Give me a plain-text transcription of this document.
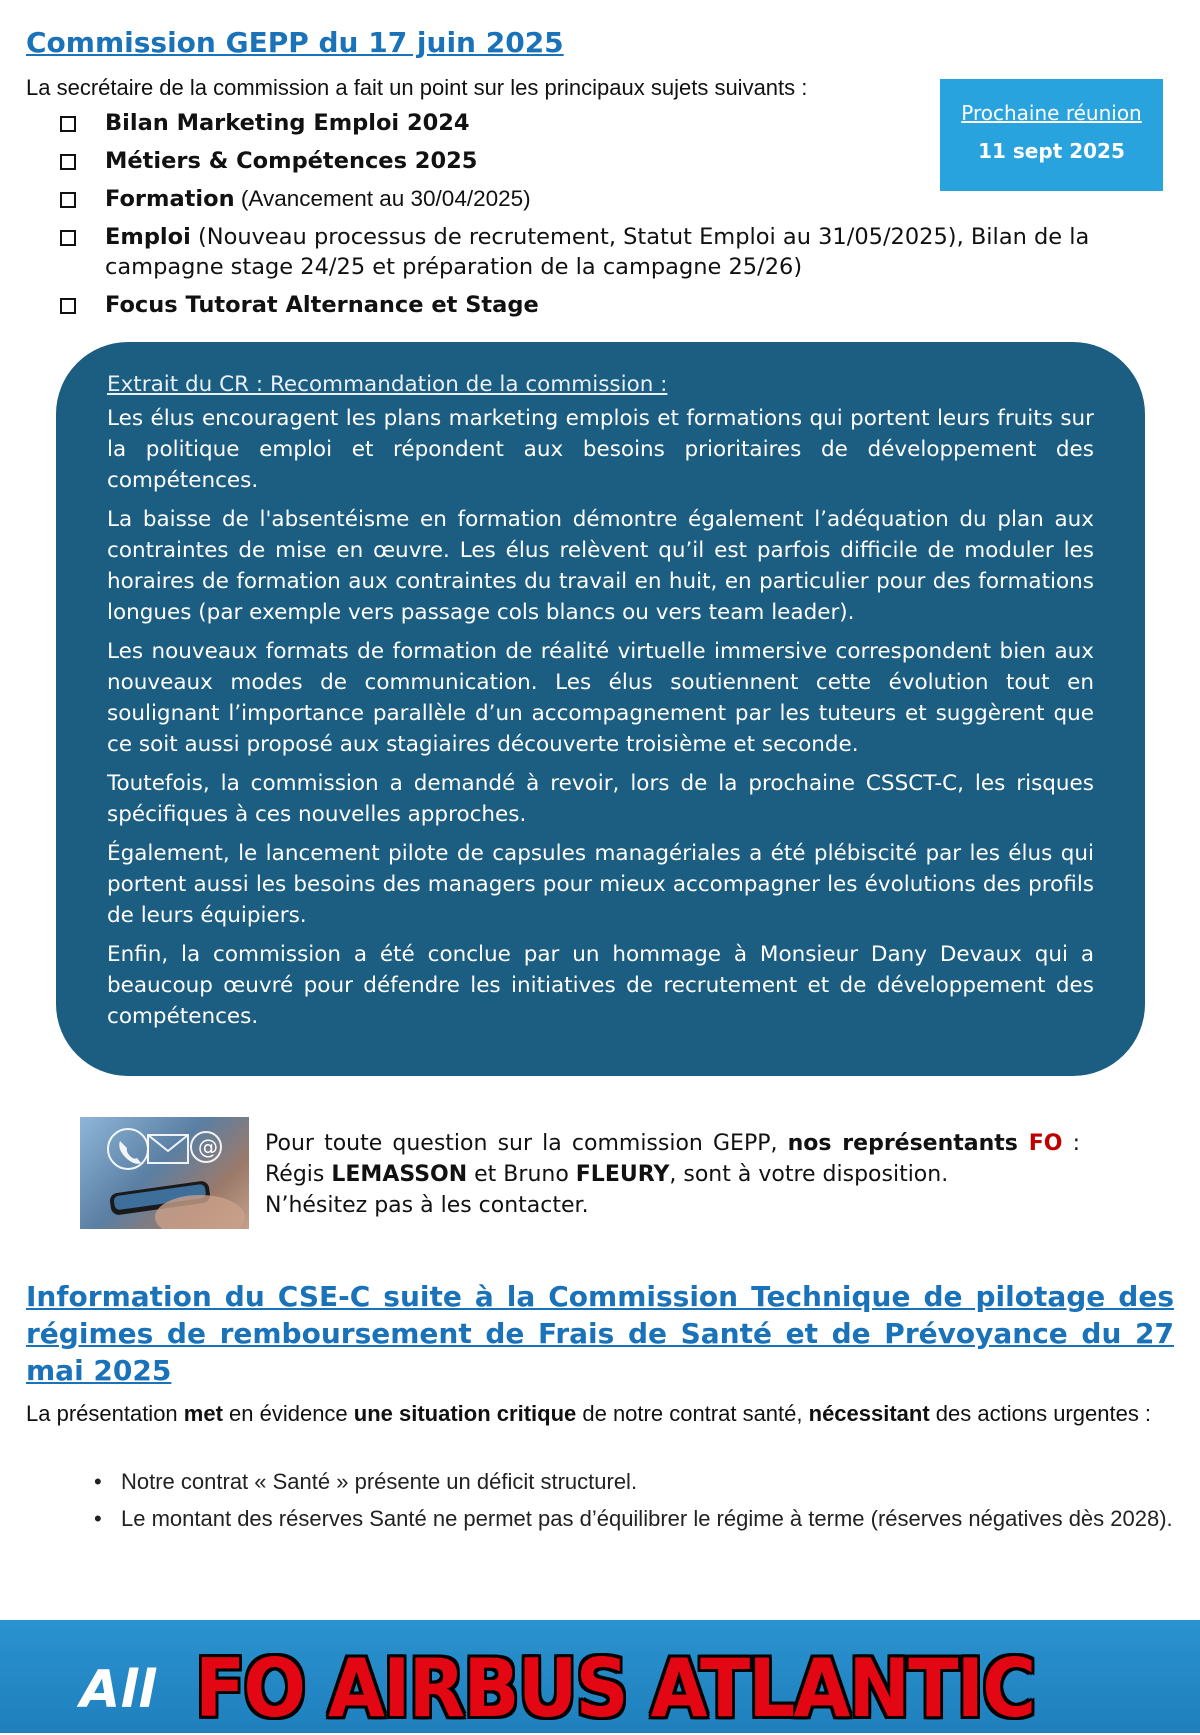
Commission GEPP du 17 juin 2025

La secrétaire de la commission a fait un point sur les principaux sujets suivants :

Prochaine réunion
11 sept 2025
Bilan Marketing Emploi 2024
Métiers & Compétences 2025
Formation (Avancement au 30/04/2025)
Emploi (Nouveau processus de recrutement, Statut Emploi au 31/05/2025), Bilan de la campagne stage 24/25 et préparation de la campagne 25/26)
Focus Tutorat Alternance et Stage

Extrait du CR : Recommandation de la commission :

Les élus encouragent les plans marketing emplois et formations qui portent leurs fruits sur la politique emploi et répondent aux besoins prioritaires de développement des compétences.

La baisse de l'absentéisme en formation démontre également l’adéquation du plan aux contraintes de mise en œuvre. Les élus relèvent qu’il est parfois difficile de moduler les horaires de formation aux contraintes du travail en huit, en particulier pour des formations longues (par exemple vers passage cols blancs ou vers team leader).

Les nouveaux formats de formation de réalité virtuelle immersive correspondent bien aux nouveaux modes de communication. Les élus soutiennent cette évolution tout en soulignant l’importance parallèle d’un accompagnement par les tuteurs et suggèrent que ce soit aussi proposé aux stagiaires découverte troisième et seconde.

Toutefois, la commission a demandé à revoir, lors de la prochaine CSSCT-C, les risques spécifiques à ces nouvelles approches.

Également, le lancement pilote de capsules managériales a été plébiscité par les élus qui portent aussi les besoins des managers pour mieux accompagner les évolutions des profils de leurs équipiers.

Enfin, la commission a été conclue par un hommage à Monsieur Dany Devaux qui a beaucoup œuvré pour défendre les initiatives de recrutement et de développement des compétences.

@ Pour toute question sur la commission GEPP, nos représentants FO :
Régis LEMASSON et Bruno FLEURY, sont à votre disposition.
N’hésitez pas à les contacter.
Information du CSE-C suite à la Commission Technique de pilotage des régimes de remboursement de Frais de Santé et de Prévoyance du 27 mai 2025

La présentation met en évidence une situation critique de notre contrat santé, nécessitant des actions urgentes :

• Notre contrat « Santé » présente un déficit structurel.
• Le montant des réserves Santé ne permet pas d’équilibrer le régime à terme (réserves négatives dès 2028).
All FO AIRBUS ATLANTIC
